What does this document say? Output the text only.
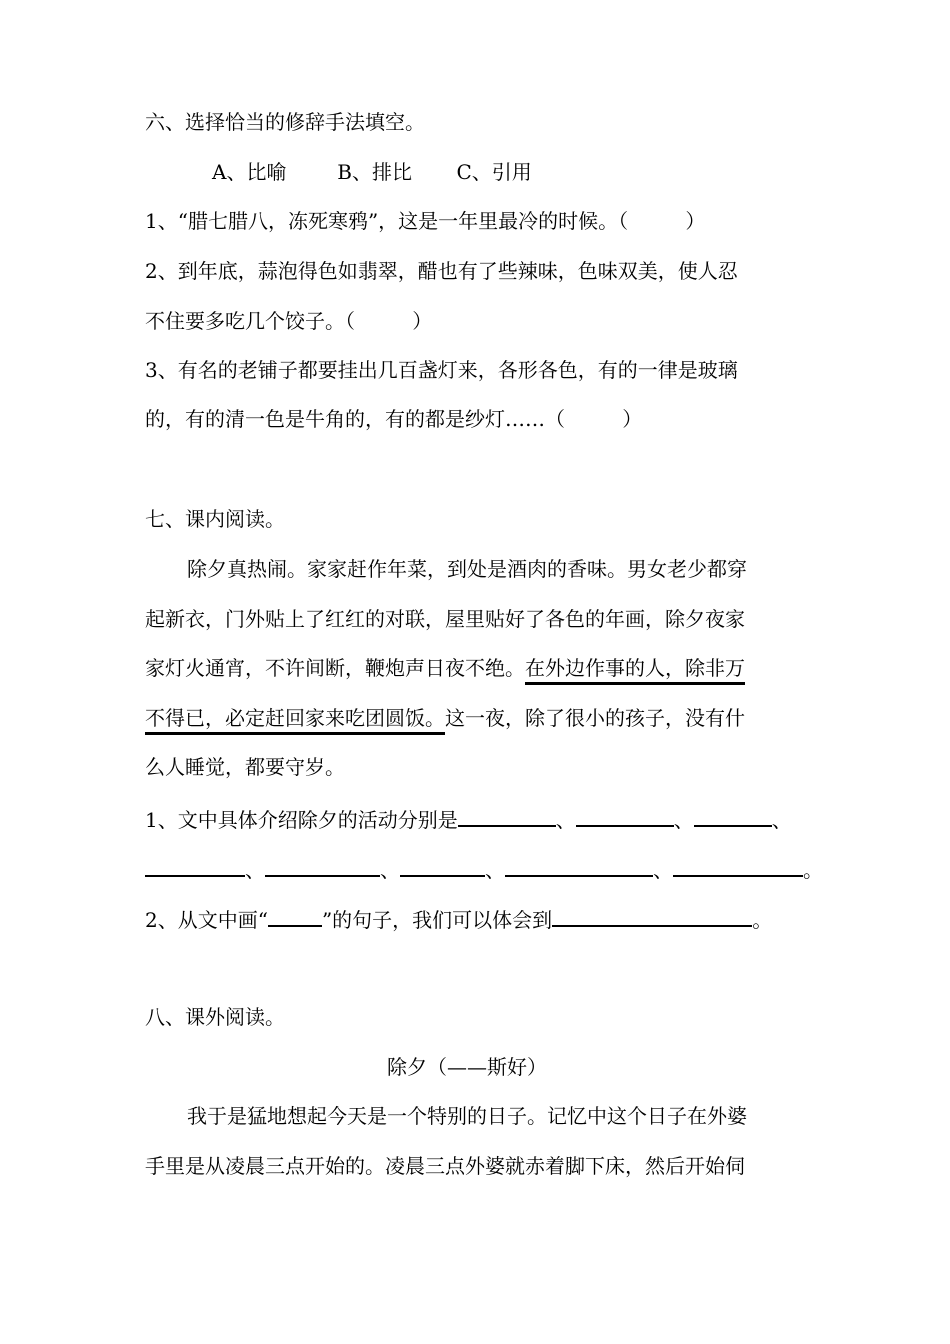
六、选择恰当的修辞手法填空。
A、比喻        B、排比       C、引用
1、“腊七腊八，冻死寒鸦”，这是一年里最冷的时候。（         ）
2、到年底，蒜泡得色如翡翠，醋也有了些辣味，色味双美，使人忍
不住要多吃几个饺子。（         ）
3、有名的老铺子都要挂出几百盏灯来，各形各色，有的一律是玻璃
的，有的清一色是牛角的，有的都是纱灯……（         ）
七、课内阅读。
除夕真热闹。家家赶作年菜，到处是酒肉的香味。男女老少都穿
起新衣，门外贴上了红红的对联，屋里贴好了各色的年画，除夕夜家
家灯火通宵，不许间断，鞭炮声日夜不绝。在外边作事的人，除非万
不得已，必定赶回家来吃团圆饭。这一夜，除了很小的孩子，没有什
么人睡觉，都要守岁。
1、文中具体介绍除夕的活动分别是	、	、	、
、	、	、	、	。
2、从文中画“	”的句子，我们可以体会到	。
八、课外阅读。
除夕（——斯好）
我于是猛地想起今天是一个特别的日子。记忆中这个日子在外婆
手里是从凌晨三点开始的。凌晨三点外婆就赤着脚下床，然后开始伺
